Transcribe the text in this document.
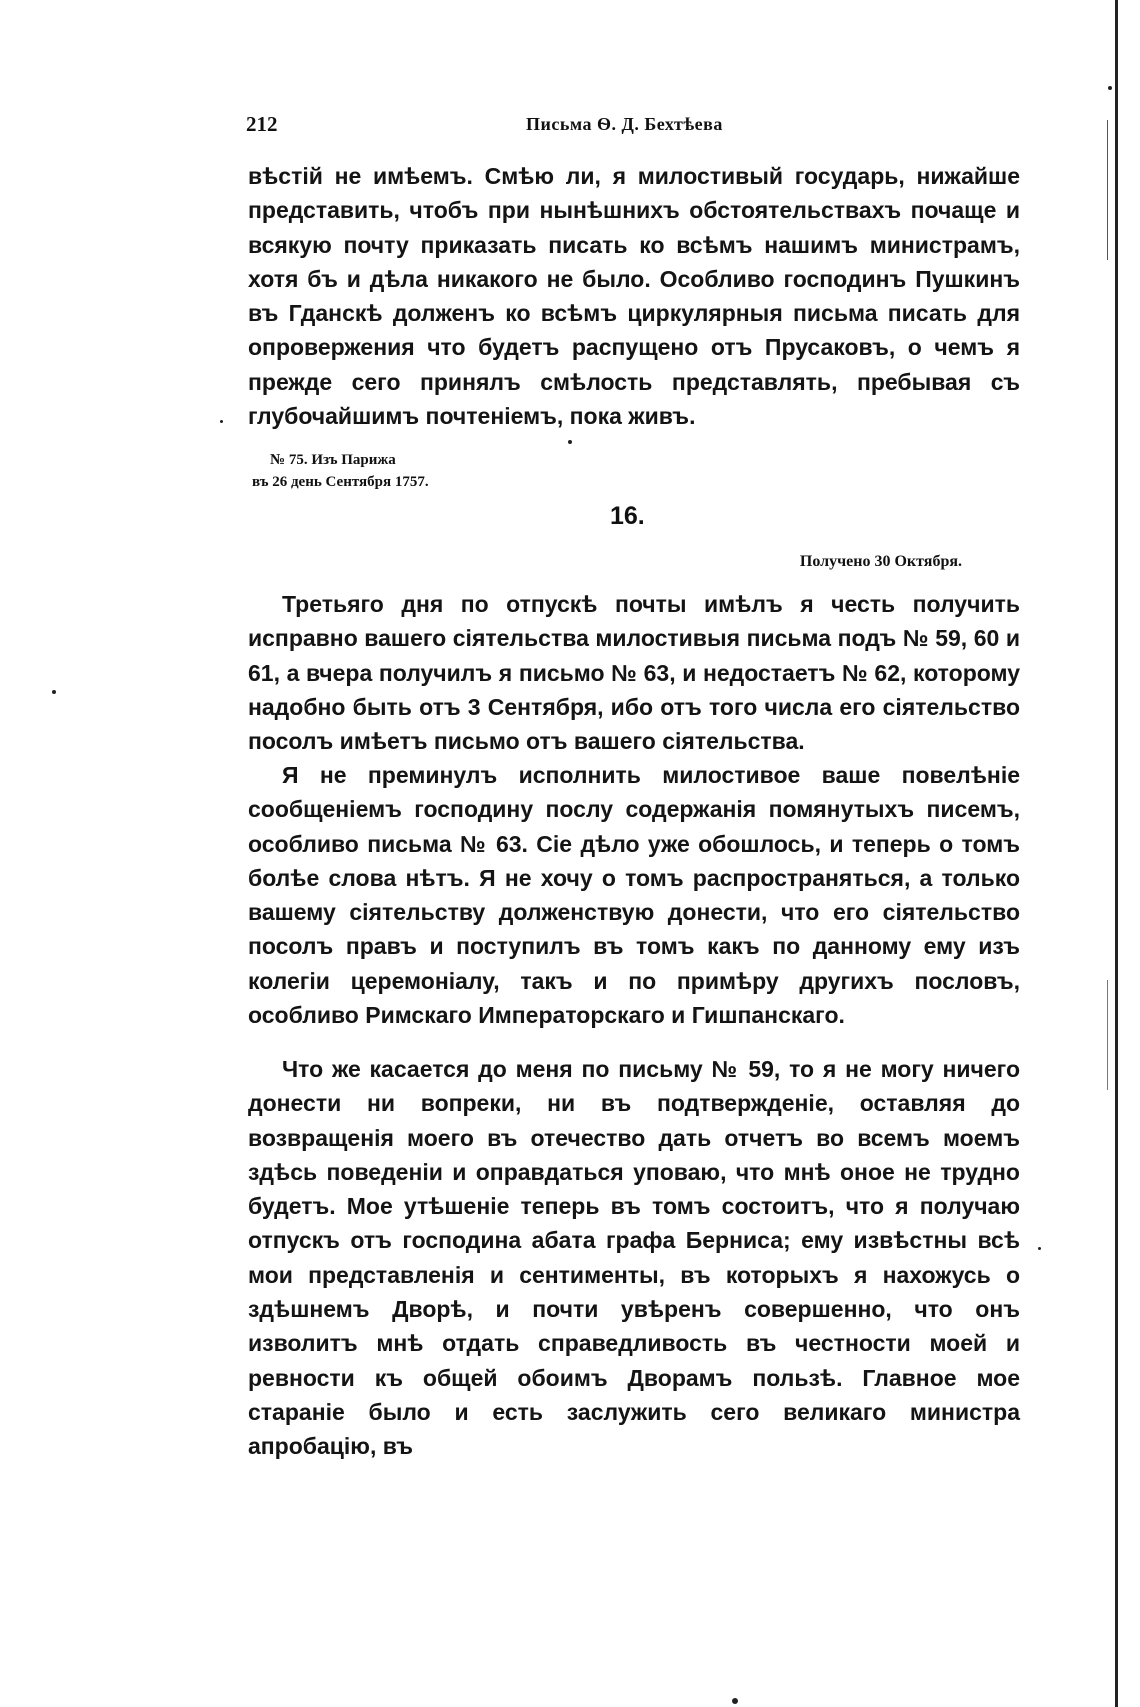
212	Письма Ѳ. Д. Бехтѣева

вѣстій не имѣемъ. Смѣю ли, я милостивый государь, нижайше представить, чтобъ при нынѣшнихъ обстоятельствахъ почаще и всякую почту приказать писать ко всѣмъ нашимъ министрамъ, хотя бъ и дѣла никакого не было. Особливо господинъ Пушкинъ въ Гданскѣ долженъ ко всѣмъ циркулярныя письма писать для опровержения что будетъ распущено отъ Прусаковъ, о чемъ я прежде сего принялъ смѣлость представлять, пребывая съ глубочайшимъ почтеніемъ, пока живъ.

№ 75. Изъ Парижа
въ 26 день Сентября 1757.
16.
Получено 30 Октября.

Третьяго дня по отпускѣ почты имѣлъ я честь получить исправно вашего сіятельства милостивыя письма подъ № 59, 60 и 61, а вчера получилъ я письмо № 63, и недостаетъ № 62, которому надобно быть отъ 3 Сентября, ибо отъ того числа его сіятельство посолъ имѣетъ письмо отъ вашего сіятельства.

Я не преминулъ исполнить милостивое ваше повелѣніе сообщеніемъ господину послу содержанія помянутыхъ писемъ, особливо письма № 63. Сіе дѣло уже обошлось, и теперь о томъ болѣе слова нѣтъ. Я не хочу о томъ распространяться, а только вашему сіятельству долженствую донести, что его сіятельство посолъ правъ и поступилъ въ томъ какъ по данному ему изъ колегіи церемоніалу, такъ и по примѣру другихъ пословъ, особливо Римскаго Императорскаго и Гишпанскаго.

Что же касается до меня по письму № 59, то я не могу ничего донести ни вопреки, ни въ подтвержденіе, оставляя до возвращенія моего въ отечество дать отчетъ во всемъ моемъ здѣсь поведеніи и оправдаться уповаю, что мнѣ оное не трудно будетъ. Мое утѣшеніе теперь въ томъ состоитъ, что я получаю отпускъ отъ господина абата графа Берниса; ему извѣстны всѣ мои представленія и сентименты, въ которыхъ я нахожусь о здѣшнемъ Дворѣ, и почти увѣренъ совершенно, что онъ изволитъ мнѣ отдать справедливость въ честности моей и ревности къ общей обоимъ Дворамъ пользѣ. Главное мое стараніе было и есть заслужить сего великаго министра апробацію, въ
